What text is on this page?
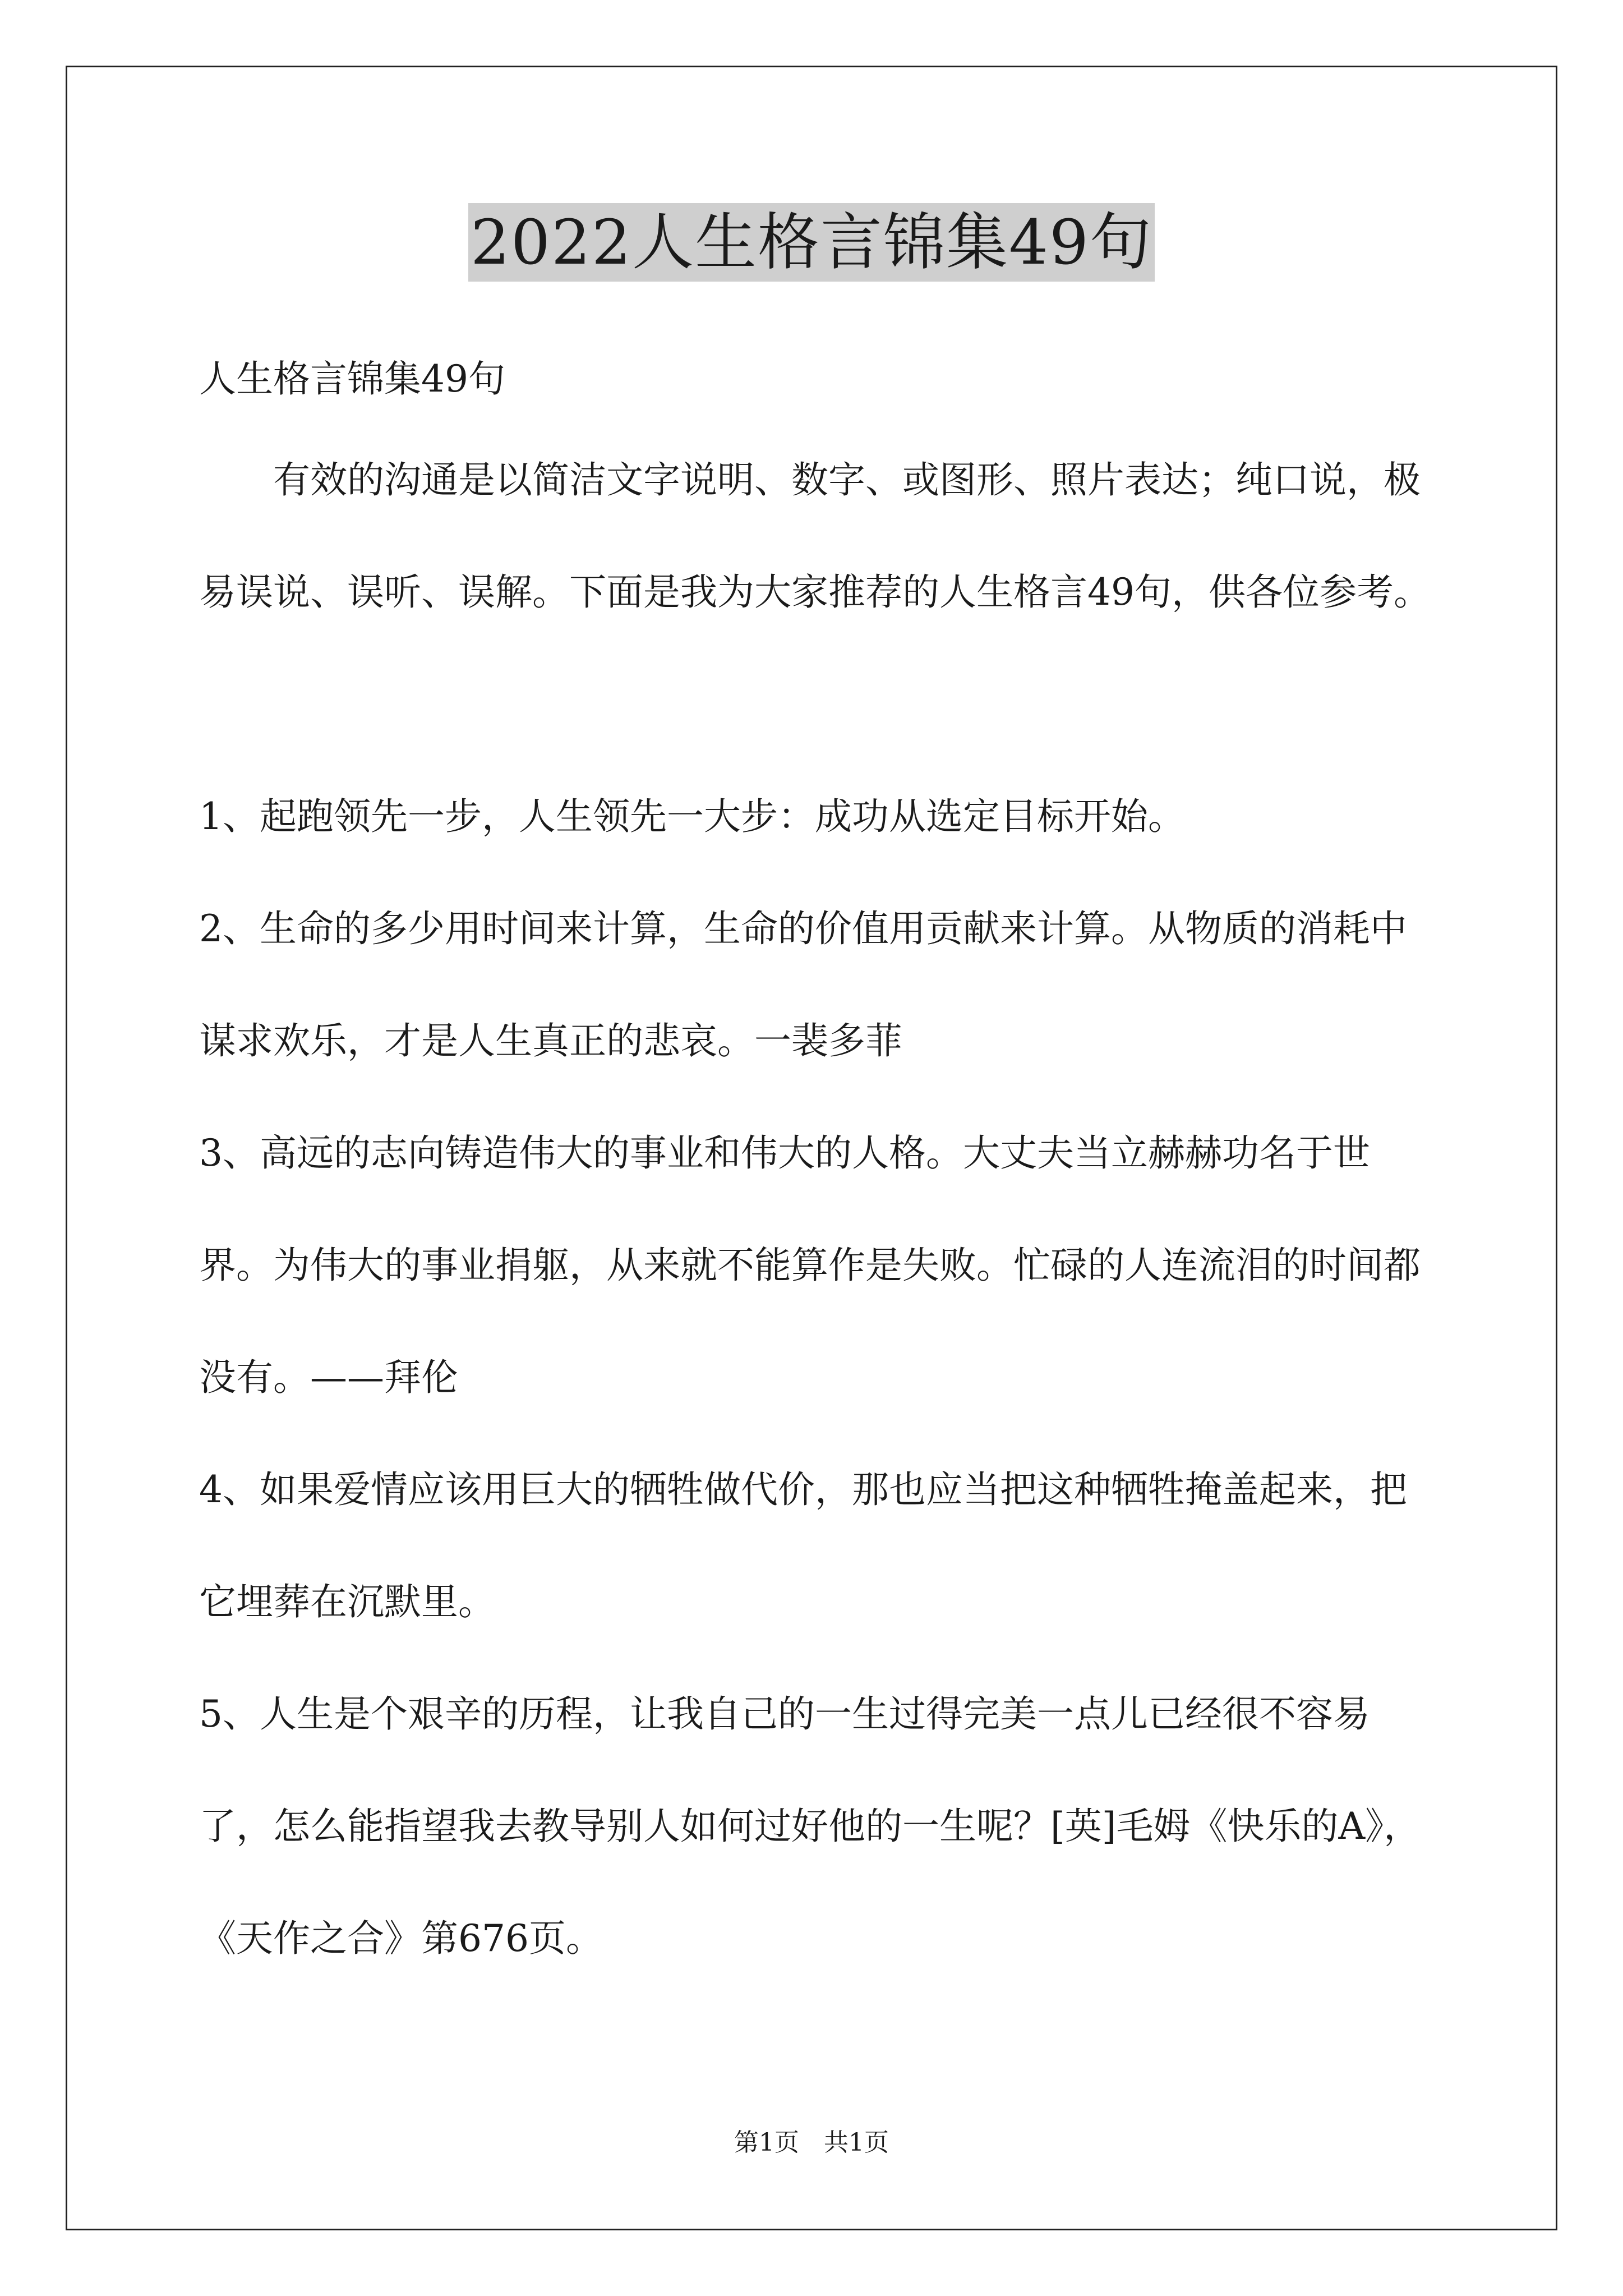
2022人生格言锦集49句

人生格言锦集49句

有效的沟通是以简洁文字说明、数字、或图形、照片表达；纯口说，极易误说、误听、误解。下面是我为大家推荐的人生格言49句，供各位参考。

1、起跑领先一步，人生领先一大步：成功从选定目标开始。

2、生命的多少用时间来计算，生命的价值用贡献来计算。从物质的消耗中谋求欢乐，才是人生真正的悲哀。一裴多菲

3、高远的志向铸造伟大的事业和伟大的人格。大丈夫当立赫赫功名于世界。为伟大的事业捐躯，从来就不能算作是失败。忙碌的人连流泪的时间都没有。——拜伦

4、如果爱情应该用巨大的牺牲做代价，那也应当把这种牺牲掩盖起来，把它埋葬在沉默里。

5、人生是个艰辛的历程，让我自己的一生过得完美一点儿已经很不容易了，怎么能指望我去教导别人如何过好他的一生呢？[英]毛姆《快乐的A》，《天作之合》第676页。

第1页　共1页
